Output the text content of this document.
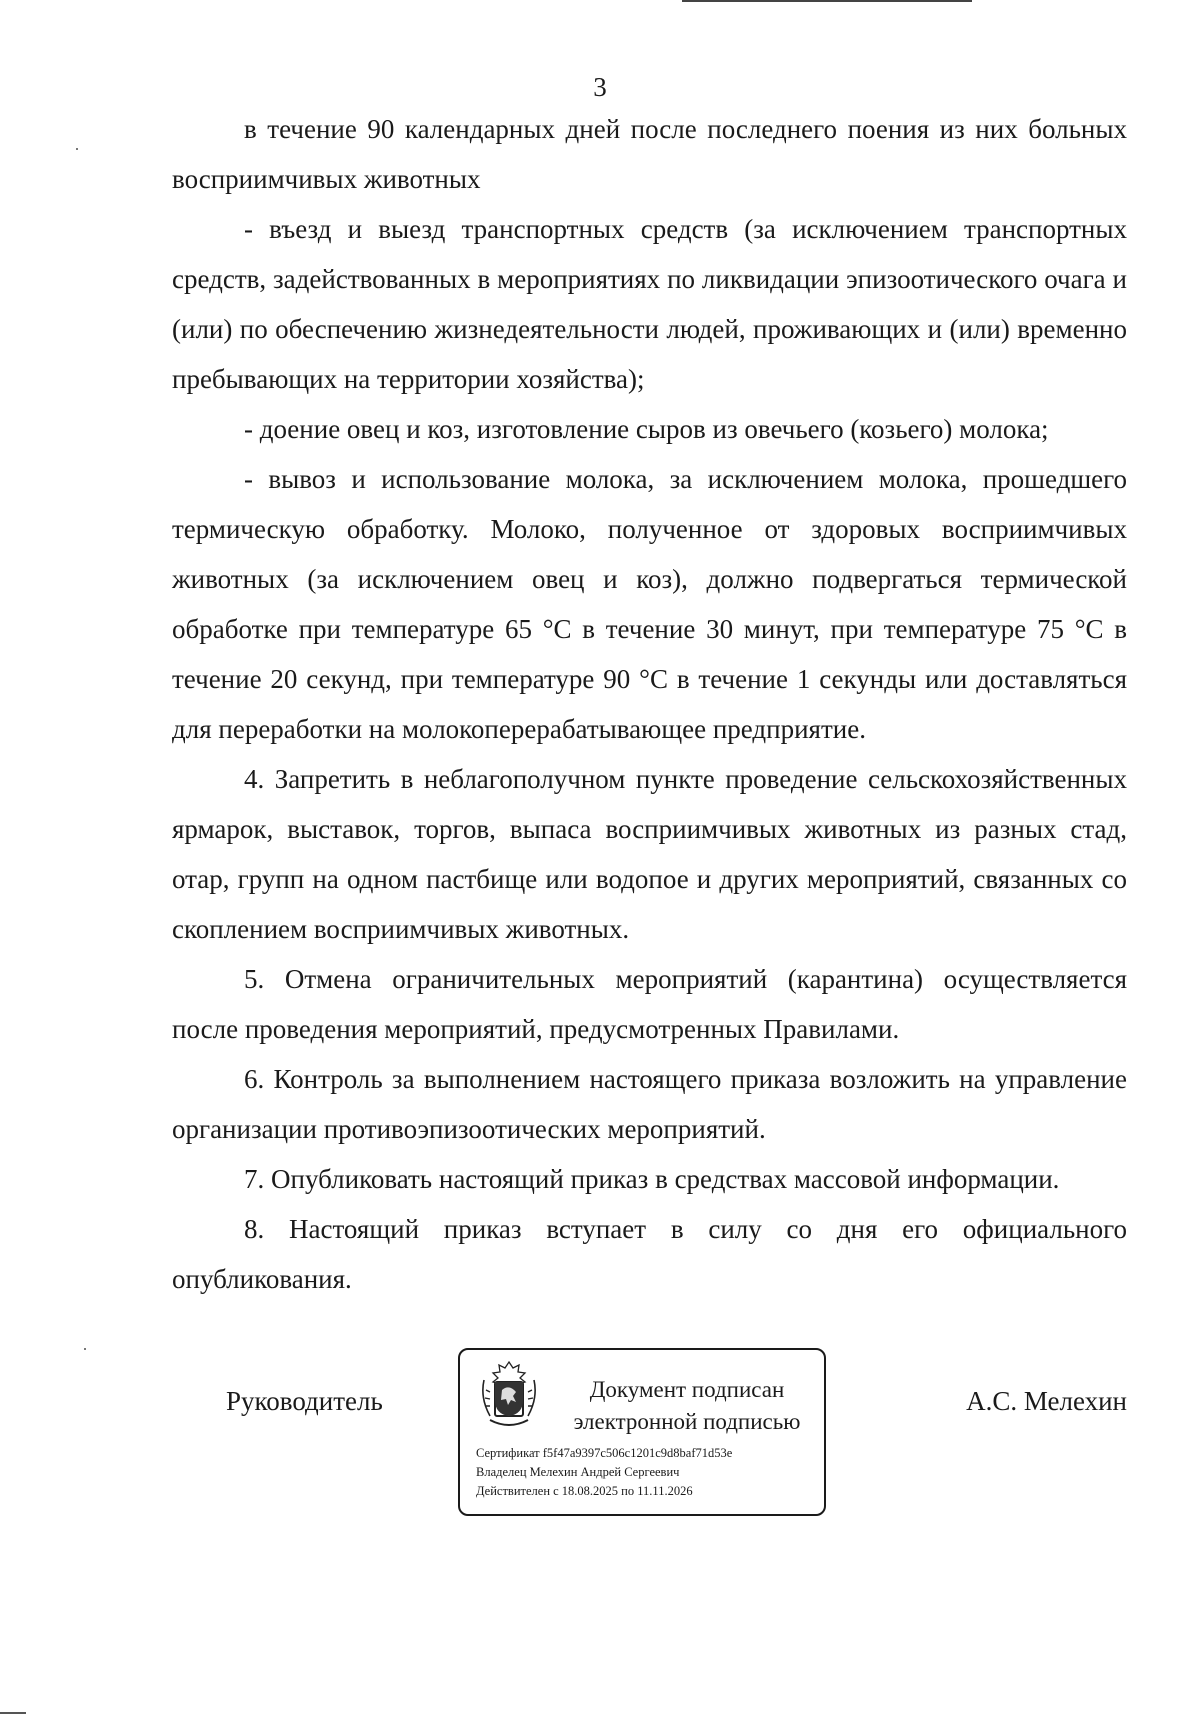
3

в течение 90 календарных дней после последнего поения из них больных восприимчивых животных

- въезд и выезд транспортных средств (за исключением транспортных средств, задействованных в мероприятиях по ликвидации эпизоотического очага и (или) по обеспечению жизнедеятельности людей, проживающих и (или) временно пребывающих на территории хозяйства);

- доение овец и коз, изготовление сыров из овечьего (козьего) молока;

- вывоз и использование молока, за исключением молока, прошедшего термическую обработку. Молоко, полученное от здоровых восприимчивых животных (за исключением овец и коз), должно подвергаться термической обработке при температуре 65 °С в течение 30 минут, при температуре 75 °С в течение 20 секунд, при температуре 90 °С в течение 1 секунды или доставляться для переработки на молокоперерабатывающее предприятие.

4. Запретить в неблагополучном пункте проведение сельскохозяйственных ярмарок, выставок, торгов, выпаса восприимчивых животных из разных стад, отар, групп на одном пастбище или водопое и других мероприятий, связанных со скоплением восприимчивых животных.

5. Отмена ограничительных мероприятий (карантина) осуществляется после проведения мероприятий, предусмотренных Правилами.

6. Контроль за выполнением настоящего приказа возложить на управление организации противоэпизоотических мероприятий.

7. Опубликовать настоящий приказ в средствах массовой информации.

8. Настоящий приказ вступает в силу со дня его официального опубликования.

Руководитель	Документ подписан
электронной подписью
Сертификат f5f47a9397c506c1201c9d8baf71d53e
Владелец Мелехин Андрей Сергеевич
Действителен с 18.08.2025 по 11.11.2026
А.С. Мелехин
